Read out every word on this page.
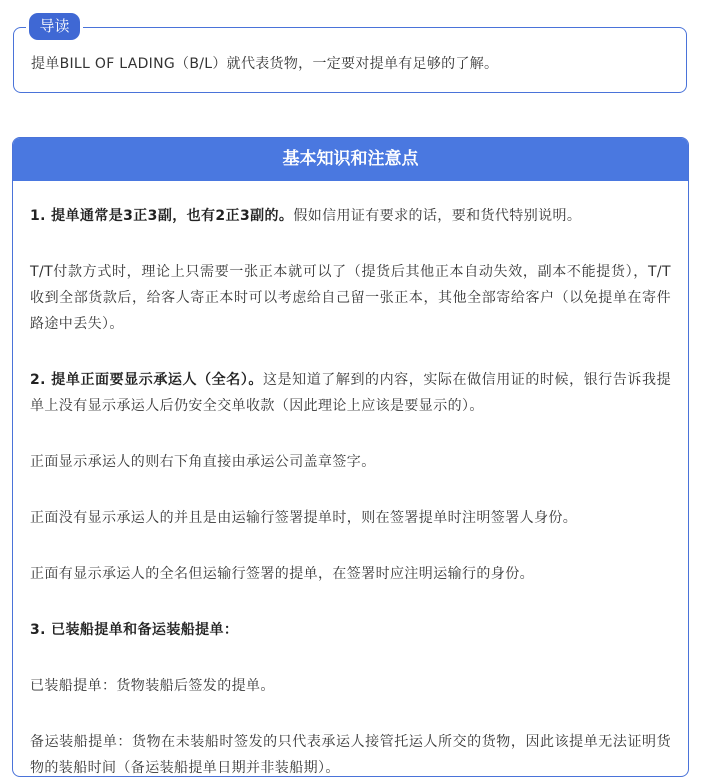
导读
提单BILL OF LADING（B/L）就代表货物，一定要对提单有足够的了解。
基本知识和注意点

1. 提单通常是3正3副，也有2正3副的。假如信用证有要求的话，要和货代特别说明。

T/T付款方式时，理论上只需要一张正本就可以了（提货后其他正本自动失效，副本不能提货），T/T收到全部货款后，给客人寄正本时可以考虑给自己留一张正本，其他全部寄给客户（以免提单在寄件路途中丢失）。

2. 提单正面要显示承运人（全名）。这是知道了解到的内容，实际在做信用证的时候，银行告诉我提单上没有显示承运人后仍安全交单收款（因此理论上应该是要显示的）。

正面显示承运人的则右下角直接由承运公司盖章签字。

正面没有显示承运人的并且是由运输行签署提单时，则在签署提单时注明签署人身份。

正面有显示承运人的全名但运输行签署的提单，在签署时应注明运输行的身份。

3. 已装船提单和备运装船提单：

已装船提单：货物装船后签发的提单。

备运装船提单：货物在未装船时签发的只代表承运人接管托运人所交的货物，因此该提单无法证明货物的装船时间（备运装船提单日期并非装船期）。
